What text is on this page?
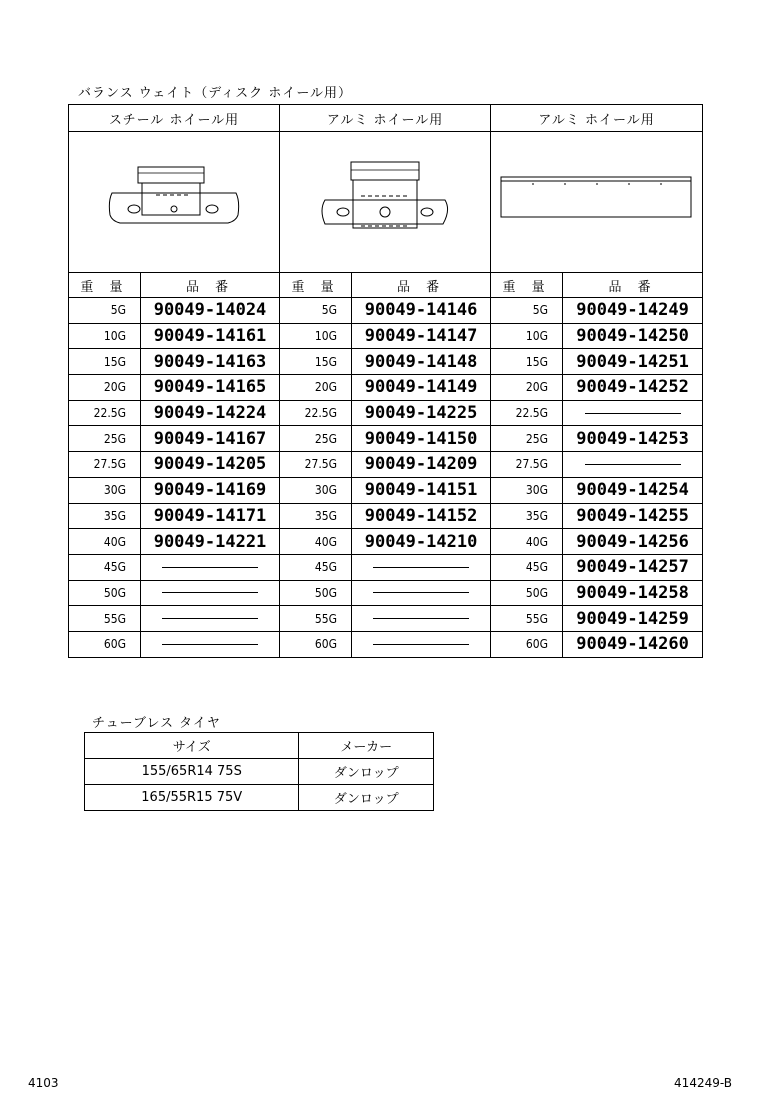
バランス ウェイト（ディスク ホイール用）
スチール ホイール用		アルミ ホイール用		アルミ ホイール用	

重 量	品 番	重 量	品 番	重 量	品 番
5G	90049-14024	5G	90049-14146	5G	90049-14249
10G	90049-14161	10G	90049-14147	10G	90049-14250
15G	90049-14163	15G	90049-14148	15G	90049-14251
20G	90049-14165	20G	90049-14149	20G	90049-14252
22.5G	90049-14224	22.5G	90049-14225	22.5G	
25G	90049-14167	25G	90049-14150	25G	90049-14253
27.5G	90049-14205	27.5G	90049-14209	27.5G	
30G	90049-14169	30G	90049-14151	30G	90049-14254
35G	90049-14171	35G	90049-14152	35G	90049-14255
40G	90049-14221	40G	90049-14210	40G	90049-14256
45G		45G		45G	90049-14257
50G		50G		50G	90049-14258
55G		55G		55G	90049-14259
60G		60G		60G	90049-14260
チューブレス タイヤ
サイズ	メーカー
155/65R14 75S	ダンロップ
165/55R15 75V	ダンロップ
4103	414249-B
